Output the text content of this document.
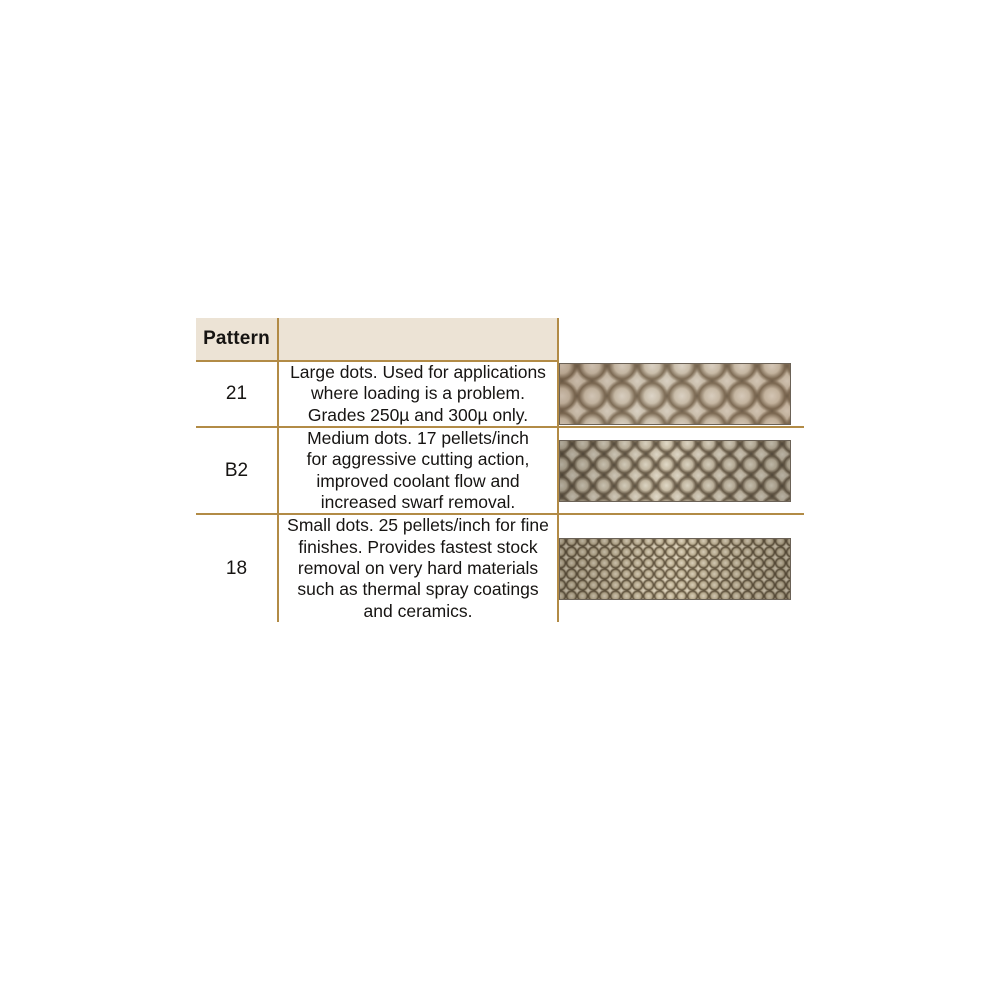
Pattern		
21	Large dots. Used for applications
where loading is a problem.
Grades 250µ and 300µ only.	

B2	Medium dots. 17 pellets/inch
for aggressive cutting action,
improved coolant flow and
increased swarf removal.	

18	Small dots. 25 pellets/inch for fine
finishes. Provides fastest stock
removal on very hard materials
such as thermal spray coatings
and ceramics.	
